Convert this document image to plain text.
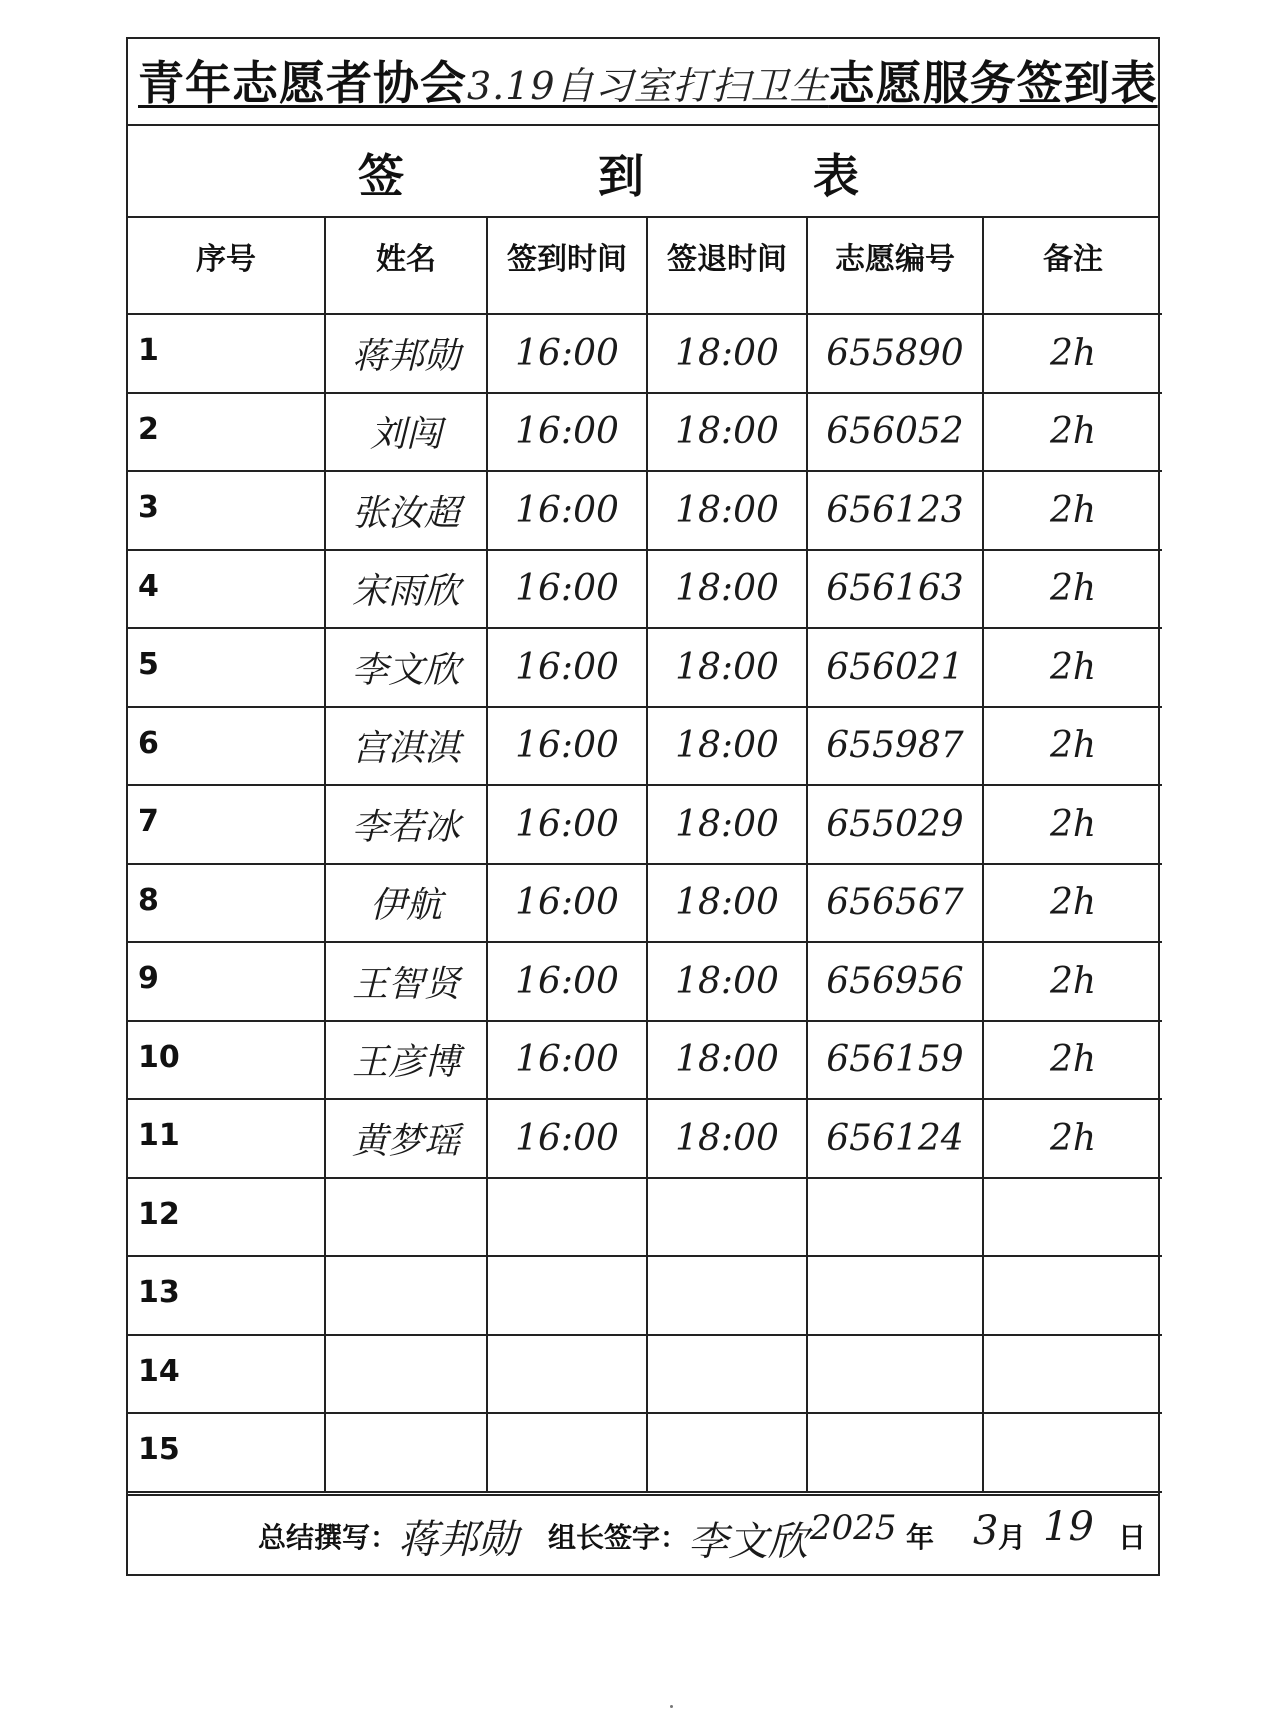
青年志愿者协会3.19自习室打扫卫生志愿服务签到表
签	到	表
序号	姓名	签到时间	签退时间	志愿编号	备注
1	蒋邦勋	16:00	18:00	655890	2h
2	刘闯	16:00	18:00	656052	2h
3	张汝超	16:00	18:00	656123	2h
4	宋雨欣	16:00	18:00	656163	2h
5	李文欣	16:00	18:00	656021	2h
6	宫淇淇	16:00	18:00	655987	2h
7	李若冰	16:00	18:00	655029	2h
8	伊航	16:00	18:00	656567	2h
9	王智贤	16:00	18:00	656956	2h
10	王彦博	16:00	18:00	656159	2h
11	黄梦瑶	16:00	18:00	656124	2h
12					
13					
14					
15					
总结撰写： 蒋邦勋 组长签字： 李文欣 2025 年 3 月 19 日
